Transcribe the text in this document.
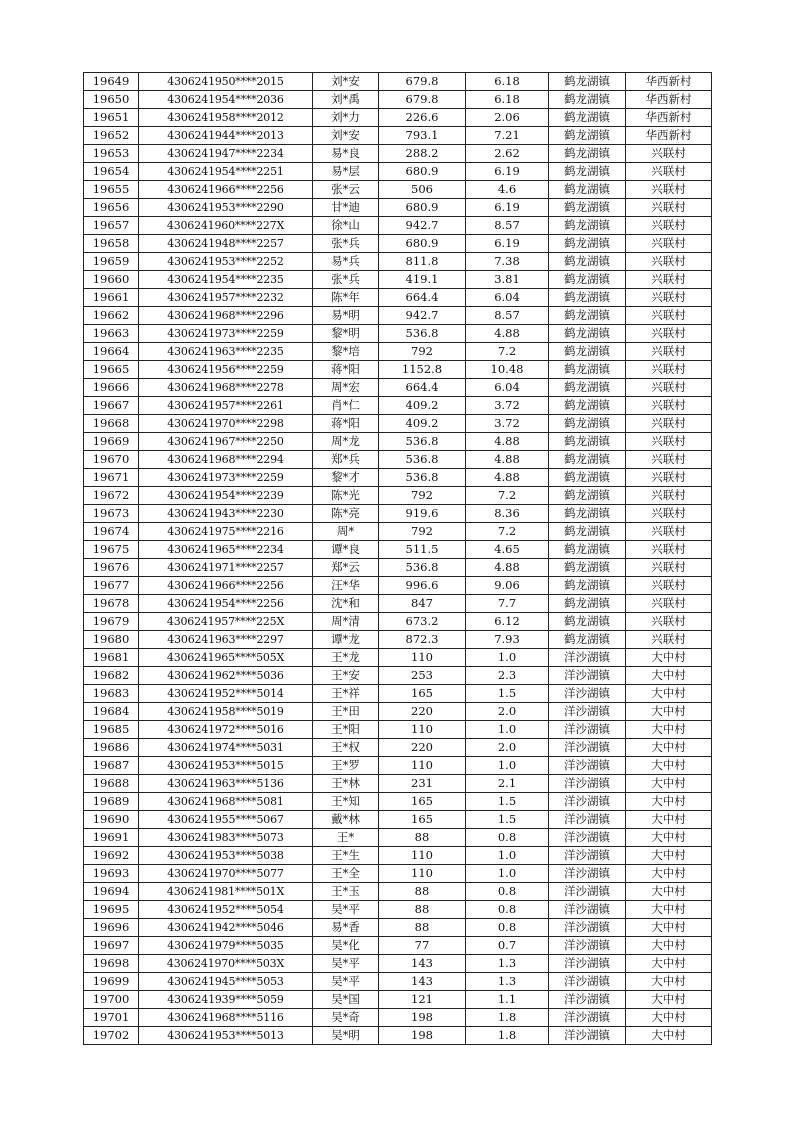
19649	4306241950****2015	刘*安	679.8	6.18	鹤龙湖镇	华西新村
19650	4306241954****2036	刘*禹	679.8	6.18	鹤龙湖镇	华西新村
19651	4306241958****2012	刘*力	226.6	2.06	鹤龙湖镇	华西新村
19652	4306241944****2013	刘*安	793.1	7.21	鹤龙湖镇	华西新村
19653	4306241947****2234	易*良	288.2	2.62	鹤龙湖镇	兴联村
19654	4306241954****2251	易*层	680.9	6.19	鹤龙湖镇	兴联村
19655	4306241966****2256	张*云	506	4.6	鹤龙湖镇	兴联村
19656	4306241953****2290	甘*迪	680.9	6.19	鹤龙湖镇	兴联村
19657	4306241960****227X	徐*山	942.7	8.57	鹤龙湖镇	兴联村
19658	4306241948****2257	张*兵	680.9	6.19	鹤龙湖镇	兴联村
19659	4306241953****2252	易*兵	811.8	7.38	鹤龙湖镇	兴联村
19660	4306241954****2235	张*兵	419.1	3.81	鹤龙湖镇	兴联村
19661	4306241957****2232	陈*年	664.4	6.04	鹤龙湖镇	兴联村
19662	4306241968****2296	易*明	942.7	8.57	鹤龙湖镇	兴联村
19663	4306241973****2259	黎*明	536.8	4.88	鹤龙湖镇	兴联村
19664	4306241963****2235	黎*培	792	7.2	鹤龙湖镇	兴联村
19665	4306241956****2259	蒋*阳	1152.8	10.48	鹤龙湖镇	兴联村
19666	4306241968****2278	周*宏	664.4	6.04	鹤龙湖镇	兴联村
19667	4306241957****2261	肖*仁	409.2	3.72	鹤龙湖镇	兴联村
19668	4306241970****2298	蒋*阳	409.2	3.72	鹤龙湖镇	兴联村
19669	4306241967****2250	周*龙	536.8	4.88	鹤龙湖镇	兴联村
19670	4306241968****2294	郑*兵	536.8	4.88	鹤龙湖镇	兴联村
19671	4306241973****2259	黎*才	536.8	4.88	鹤龙湖镇	兴联村
19672	4306241954****2239	陈*光	792	7.2	鹤龙湖镇	兴联村
19673	4306241943****2230	陈*亮	919.6	8.36	鹤龙湖镇	兴联村
19674	4306241975****2216	周*	792	7.2	鹤龙湖镇	兴联村
19675	4306241965****2234	谭*良	511.5	4.65	鹤龙湖镇	兴联村
19676	4306241971****2257	郑*云	536.8	4.88	鹤龙湖镇	兴联村
19677	4306241966****2256	汪*华	996.6	9.06	鹤龙湖镇	兴联村
19678	4306241954****2256	沈*和	847	7.7	鹤龙湖镇	兴联村
19679	4306241957****225X	周*清	673.2	6.12	鹤龙湖镇	兴联村
19680	4306241963****2297	谭*龙	872.3	7.93	鹤龙湖镇	兴联村
19681	4306241965****505X	王*龙	110	1.0	洋沙湖镇	大中村
19682	4306241962****5036	王*安	253	2.3	洋沙湖镇	大中村
19683	4306241952****5014	王*祥	165	1.5	洋沙湖镇	大中村
19684	4306241958****5019	王*田	220	2.0	洋沙湖镇	大中村
19685	4306241972****5016	王*阳	110	1.0	洋沙湖镇	大中村
19686	4306241974****5031	王*权	220	2.0	洋沙湖镇	大中村
19687	4306241953****5015	王*罗	110	1.0	洋沙湖镇	大中村
19688	4306241963****5136	王*林	231	2.1	洋沙湖镇	大中村
19689	4306241968****5081	王*知	165	1.5	洋沙湖镇	大中村
19690	4306241955****5067	戴*林	165	1.5	洋沙湖镇	大中村
19691	4306241983****5073	王*	88	0.8	洋沙湖镇	大中村
19692	4306241953****5038	王*生	110	1.0	洋沙湖镇	大中村
19693	4306241970****5077	王*全	110	1.0	洋沙湖镇	大中村
19694	4306241981****501X	王*玉	88	0.8	洋沙湖镇	大中村
19695	4306241952****5054	吴*平	88	0.8	洋沙湖镇	大中村
19696	4306241942****5046	易*香	88	0.8	洋沙湖镇	大中村
19697	4306241979****5035	吴*化	77	0.7	洋沙湖镇	大中村
19698	4306241970****503X	吴*平	143	1.3	洋沙湖镇	大中村
19699	4306241945****5053	吴*平	143	1.3	洋沙湖镇	大中村
19700	4306241939****5059	吴*国	121	1.1	洋沙湖镇	大中村
19701	4306241968****5116	吴*奇	198	1.8	洋沙湖镇	大中村
19702	4306241953****5013	吴*明	198	1.8	洋沙湖镇	大中村
